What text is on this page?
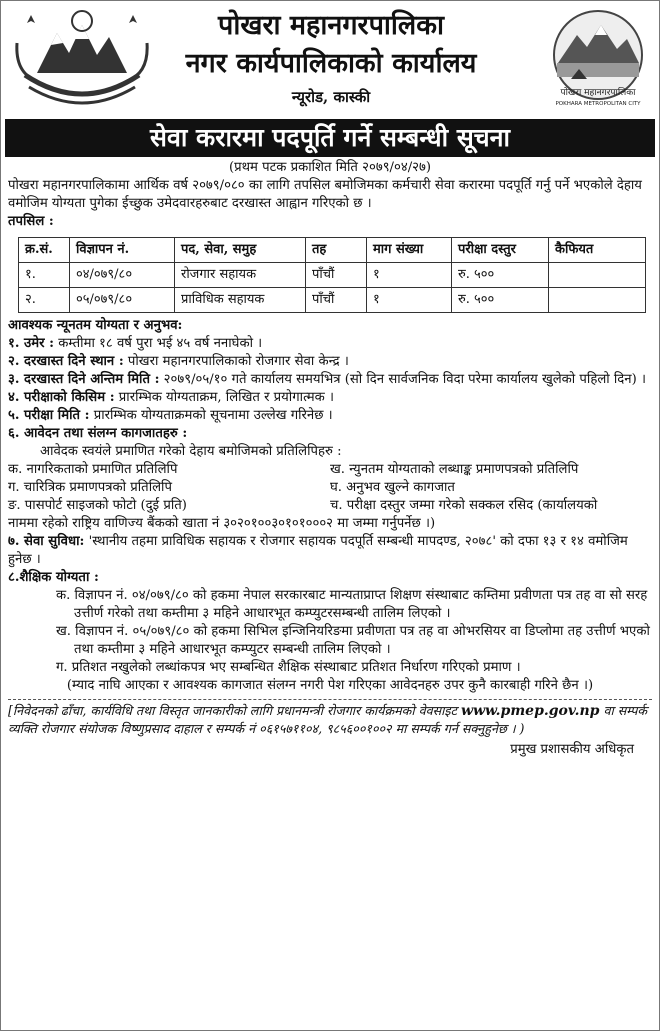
पोखरा महानगरपालिका
नगर कार्यपालिकाको कार्यालय
न्यूरोड, कास्की	पोखरा महानगरपालिका
POKHARA METROPOLITAN CITY
सेवा करारमा पदपूर्ति गर्ने सम्बन्धी सूचना

(प्रथम पटक प्रकाशित मिति २०७९/०४/२७)

पोखरा महानगरपालिकामा आर्थिक वर्ष २०७९/०८० का लागि तपसिल बमोजिमका कर्मचारी सेवा करारमा पदपूर्ति गर्नु पर्ने भएकोले देहाय वमोजिम योग्यता पुगेका ईच्छुक उमेदवारहरुबाट दरखास्त आह्वान गरिएको छ ।

तपसिल :

क्र.सं.	विज्ञापन नं.	पद, सेवा, समुह	तह	माग संख्या	परीक्षा दस्तुर	कैफियत
१.	०४/०७९/८०	रोजगार सहायक	पाँचौं	१	रु. ५००	
२.	०५/०७९/८०	प्राविधिक सहायक	पाँचौं	१	रु. ५००	

आवश्यक न्यूनतम योग्यता र अनुभव:

१. उमेर : कम्तीमा १८ वर्ष पुरा भई ४५ वर्ष ननाघेको ।

२. दरखास्त दिने स्थान : पोखरा महानगरपालिकाको रोजगार सेवा केन्द्र ।

३. दरखास्त दिने अन्तिम मिति : २०७९/०५/१० गते कार्यालय समयभित्र (सो दिन सार्वजनिक विदा परेमा कार्यालय खुलेको पहिलो दिन) ।

४. परीक्षाको किसिम : प्रारम्भिक योग्यताक्रम, लिखित र प्रयोगात्मक ।

५. परीक्षा मिति : प्रारम्भिक योग्यताक्रमको सूचनामा उल्लेख गरिनेछ ।

६. आवेदन तथा संलग्न कागजातहरु :

आवेदक स्वयंले प्रमाणित गरेको देहाय बमोजिमको प्रतिलिपिहरु :

क. नागरिकताको प्रमाणित प्रतिलिपि	ख. न्युनतम योग्यताको लब्धाङ्क प्रमाणपत्रको प्रतिलिपि
ग. चारित्रिक प्रमाणपत्रको प्रतिलिपि	घ. अनुभव खुल्ने कागजात
ङ. पासपोर्ट साइजको फोटो (दुई प्रति)	च. परीक्षा दस्तुर जम्मा गरेको सक्कल रसिद (कार्यालयको

नाममा रहेको राष्ट्रिय वाणिज्य बैंकको खाता नं ३०२०१००३०१०१०००२ मा जम्मा गर्नुपर्नेछ ।)

७. सेवा सुविधा: 'स्थानीय तहमा प्राविधिक सहायक र रोजगार सहायक पदपूर्ति सम्बन्धी मापदण्ड, २०७८' को दफा १३ र १४ वमोजिम हुनेछ ।

८.शैक्षिक योग्यता :

क. विज्ञापन नं. ०४/०७९/८० को हकमा नेपाल सरकारबाट मान्यताप्राप्त शिक्षण संस्थाबाट कम्तिमा प्रवीणता पत्र तह वा सो सरह उत्तीर्ण गरेको तथा कम्तीमा ३ महिने आधारभूत कम्प्युटरसम्बन्धी तालिम लिएको ।

ख. विज्ञापन नं. ०५/०७९/८० को हकमा सिभिल इन्जिनियरिङमा प्रवीणता पत्र तह वा ओभरसियर वा डिप्लोमा तह उत्तीर्ण भएको तथा कम्तीमा ३ महिने आधारभूत कम्प्युटर सम्बन्धी तालिम लिएको ।

ग. प्रतिशत नखुलेको लब्धांकपत्र भए सम्बन्धित शैक्षिक संस्थाबाट प्रतिशत निर्धारण गरिएको प्रमाण ।

(म्याद नाघि आएका र आवश्यक कागजात संलग्न नगरी पेश गरिएका आवेदनहरु उपर कुनै कारबाही गरिने छैन ।)

[निवेदनको ढाँचा, कार्यविधि तथा विस्तृत जानकारीको लागि प्रधानमन्त्री रोजगार कार्यक्रमको वेवसाइट www.pmep.gov.np वा सम्पर्क व्यक्ति रोजगार संयोजक विष्णुप्रसाद दाहाल र सम्पर्क नं ०६१५७११०४, ९८५६००१००२ मा सम्पर्क गर्न सक्नुहुनेछ । )

प्रमुख प्रशासकीय अधिकृत
